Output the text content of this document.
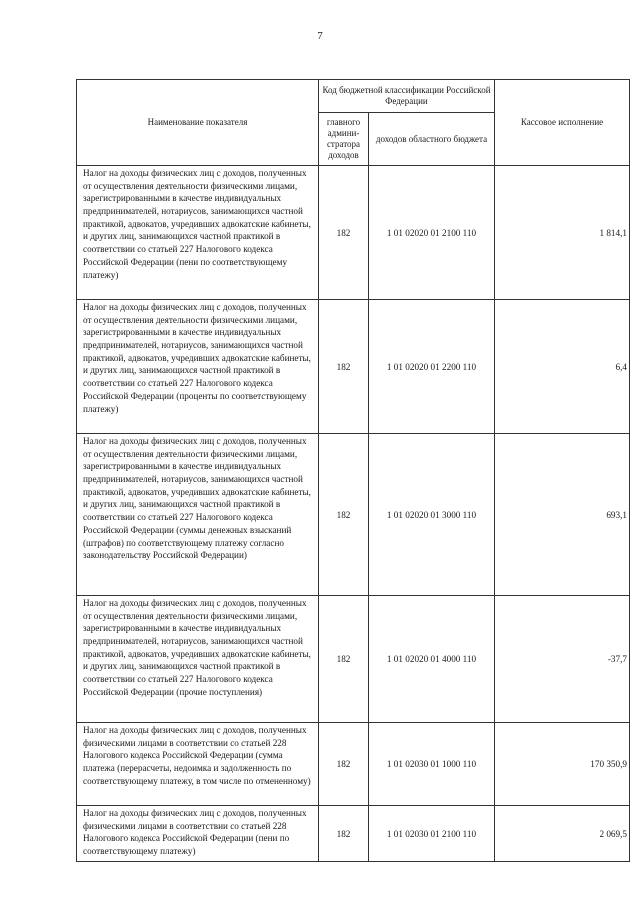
7
Наименование показателя	Код бюджетной классификации Российской Федерации		Кассовое исполнение
	главного админи-стратора доходов	доходов областного бюджета	
Налог на доходы физических лиц с доходов, полученных от осуществления деятельности физическими лицами, зарегистрированными в качестве индивидуальных предпринимателей, нотариусов, занимающихся частной практикой, адвокатов, учредивших адвокатские кабинеты, и других лиц, занимающихся частной практикой в соответствии со статьей 227 Налогового кодекса Российской Федерации (пени по соответствующему платежу)	182	1 01 02020 01 2100 110	1 814,1
Налог на доходы физических лиц с доходов, полученных от осуществления деятельности физическими лицами, зарегистрированными в качестве индивидуальных предпринимателей, нотариусов, занимающихся частной практикой, адвокатов, учредивших адвокатские кабинеты, и других лиц, занимающихся частной практикой в соответствии со статьей 227 Налогового кодекса Российской Федерации (проценты по соответствующему платежу)	182	1 01 02020 01 2200 110	6,4
Налог на доходы физических лиц с доходов, полученных от осуществления деятельности физическими лицами, зарегистрированными в качестве индивидуальных предпринимателей, нотариусов, занимающихся частной практикой, адвокатов, учредивших адвокатские кабинеты, и других лиц, занимающихся частной практикой в соответствии со статьей 227 Налогового кодекса Российской Федерации (суммы денежных взысканий (штрафов) по соответствующему платежу согласно законодательству Российской Федерации)	182	1 01 02020 01 3000 110	693,1
Налог на доходы физических лиц с доходов, полученных от осуществления деятельности физическими лицами, зарегистрированными в качестве индивидуальных предпринимателей, нотариусов, занимающихся частной практикой, адвокатов, учредивших адвокатские кабинеты, и других лиц, занимающихся частной практикой в соответствии со статьей 227 Налогового кодекса Российской Федерации (прочие поступления)	182	1 01 02020 01 4000 110	-37,7
Налог на доходы физических лиц с доходов, полученных физическими лицами в соответствии со статьей 228 Налогового кодекса Российской Федерации (сумма платежа (перерасчеты, недоимка и задолженность по соответствующему платежу, в том числе по отмененному)	182	1 01 02030 01 1000 110	170 350,9
Налог на доходы физических лиц с доходов, полученных физическими лицами в соответствии со статьей 228 Налогового кодекса Российской Федерации (пени по соответствующему платежу)	182	1 01 02030 01 2100 110	2 069,5
